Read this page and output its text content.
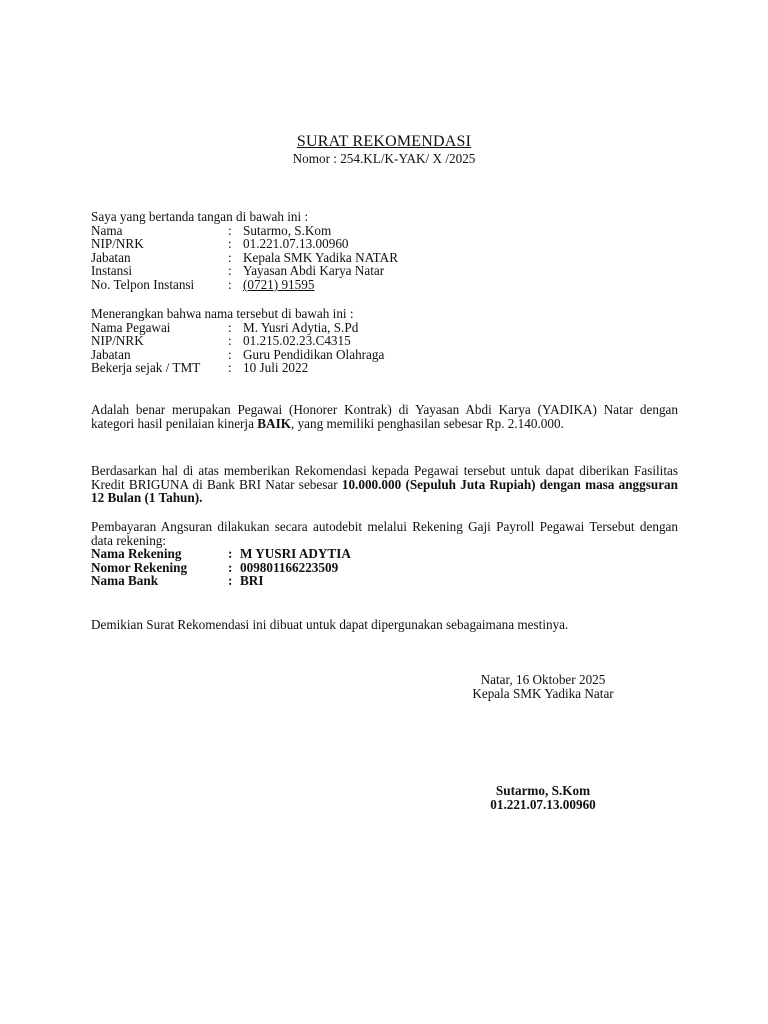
SURAT REKOMENDASI
Nomor : 254.KL/K-YAK/ X /2025
Saya yang bertanda tangan di bawah ini :
Nama	: Sutarmo, S.Kom
NIP/NRK	: 01.221.07.13.00960
Jabatan	: Kepala SMK Yadika NATAR
Instansi	: Yayasan Abdi Karya Natar
No. Telpon Instansi	: (0721) 91595
Menerangkan bahwa nama tersebut di bawah ini :
Nama Pegawai	: M. Yusri Adytia, S.Pd
NIP/NRK	: 01.215.02.23.C4315
Jabatan	: Guru Pendidikan Olahraga
Bekerja sejak / TMT	: 10 Juli 2022
Adalah benar merupakan Pegawai (Honorer Kontrak) di Yayasan Abdi Karya (YADIKA) Natar dengan kategori hasil penilaian kinerja BAIK, yang memiliki penghasilan sebesar Rp. 2.140.000.
Berdasarkan hal di atas memberikan Rekomendasi kepada Pegawai tersebut untuk dapat diberikan Fasilitas Kredit BRIGUNA di Bank BRI Natar sebesar 10.000.000 (Sepuluh Juta Rupiah) dengan masa anggsuran 12 Bulan (1 Tahun).
Pembayaran Angsuran dilakukan secara autodebit melalui Rekening Gaji Payroll Pegawai Tersebut dengan data rekening:
Nama Rekening	: M YUSRI ADYTIA
Nomor Rekening	: 009801166223509
Nama Bank	: BRI
Demikian Surat Rekomendasi ini dibuat untuk dapat dipergunakan sebagaimana mestinya.
Natar, 16 Oktober 2025
Kepala SMK Yadika Natar
Sutarmo, S.Kom
01.221.07.13.00960
